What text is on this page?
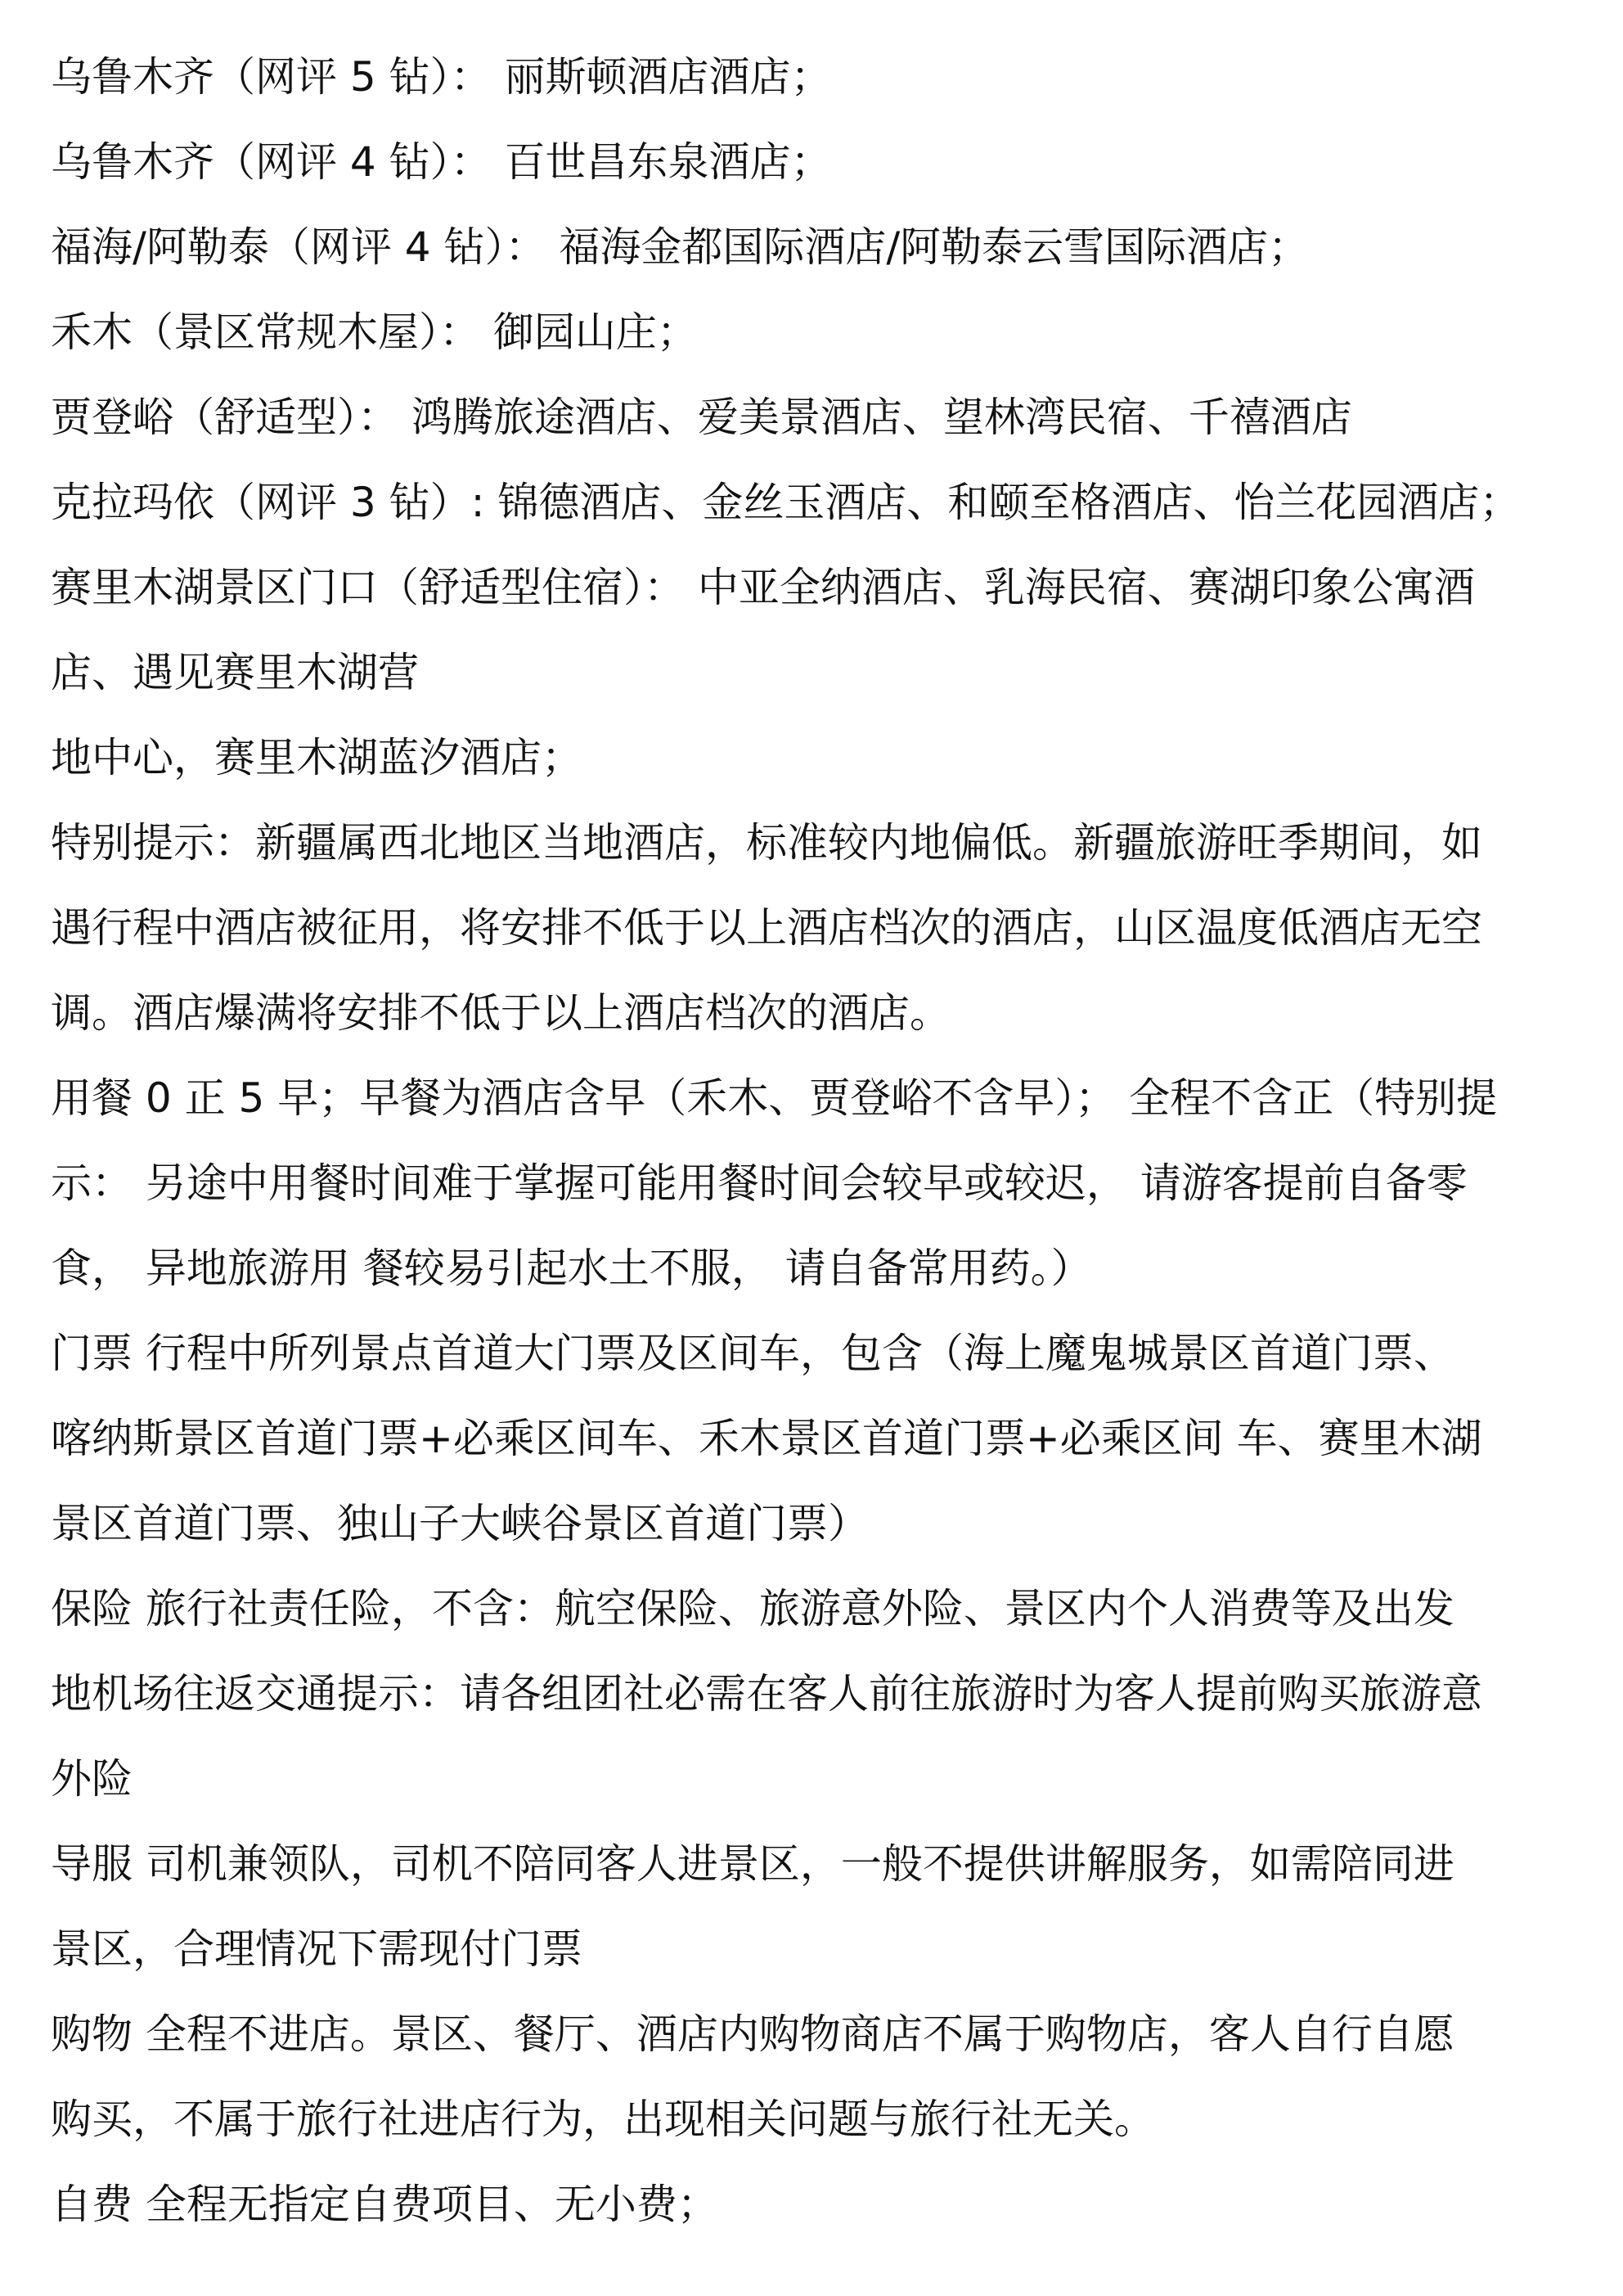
乌鲁木齐（网评 5 钻）： 丽斯顿酒店酒店；
乌鲁木齐（网评 4 钻）： 百世昌东泉酒店；
福海/阿勒泰（网评 4 钻）： 福海金都国际酒店/阿勒泰云雪国际酒店；
禾木（景区常规木屋）： 御园山庄；
贾登峪（舒适型）： 鸿腾旅途酒店、爱美景酒店、望林湾民宿、千禧酒店
克拉玛依（网评 3 钻）: 锦德酒店、金丝玉酒店、和颐至格酒店、怡兰花园酒店；
赛里木湖景区门口（舒适型住宿）： 中亚全纳酒店、乳海民宿、赛湖印象公寓酒
店、遇见赛里木湖营
地中心，赛里木湖蓝汐酒店；
特别提示：新疆属西北地区当地酒店，标准较内地偏低。新疆旅游旺季期间，如
遇行程中酒店被征用，将安排不低于以上酒店档次的酒店，山区温度低酒店无空
调。酒店爆满将安排不低于以上酒店档次的酒店。
用餐 0 正 5 早；早餐为酒店含早（禾木、贾登峪不含早）； 全程不含正（特别提
示： 另途中用餐时间难于掌握可能用餐时间会较早或较迟， 请游客提前自备零
食， 异地旅游用 餐较易引起水土不服， 请自备常用药。）
门票 行程中所列景点首道大门票及区间车，包含（海上魔鬼城景区首道门票、
喀纳斯景区首道门票+必乘区间车、禾木景区首道门票+必乘区间 车、赛里木湖
景区首道门票、独山子大峡谷景区首道门票）
保险 旅行社责任险，不含：航空保险、旅游意外险、景区内个人消费等及出发
地机场往返交通提示：请各组团社必需在客人前往旅游时为客人提前购买旅游意
外险
导服 司机兼领队，司机不陪同客人进景区，一般不提供讲解服务，如需陪同进
景区，合理情况下需现付门票
购物 全程不进店。景区、餐厅、酒店内购物商店不属于购物店，客人自行自愿
购买，不属于旅行社进店行为，出现相关问题与旅行社无关。
自费 全程无指定自费项目、无小费；
